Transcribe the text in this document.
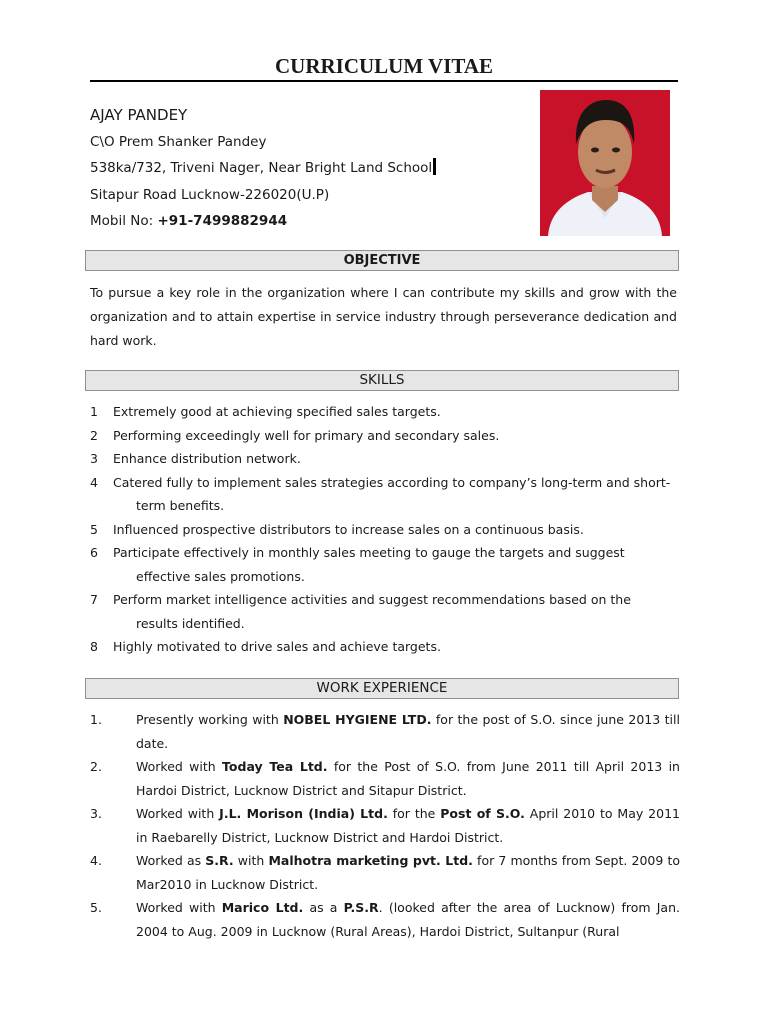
CURRICULUM VITAE
AJAY PANDEY
C\O Prem Shanker Pandey
538ka/732, Triveni Nager, Near Bright Land School
Sitapur Road Lucknow-226020(U.P)
Mobil No: +91-7499882944
OBJECTIVE
To pursue a key role in the organization where I can contribute my skills and grow with the organization and to attain expertise in service industry through perseverance dedication and hard work.
SKILLS
1 Extremely good at achieving specified sales targets.
2 Performing exceedingly well for primary and secondary sales.
3 Enhance distribution network.
4 Catered fully to implement sales strategies according to company’s long-term and short-
term benefits.
5 Influenced prospective distributors to increase sales on a continuous basis.
6 Participate effectively in monthly sales meeting to gauge the targets and suggest
effective sales promotions.
7 Perform market intelligence activities and suggest recommendations based on the
results identified.
8 Highly motivated to drive sales and achieve targets.
WORK EXPERIENCE
1.	Presently working with NOBEL HYGIENE LTD. for the post of S.O. since june 2013 till date.
2.	Worked with Today Tea Ltd. for the Post of S.O. from June 2011 till April 2013 in Hardoi District, Lucknow District and Sitapur District.
3.	Worked with J.L. Morison (India) Ltd. for the Post of S.O. April 2010 to May 2011 in Raebarelly District, Lucknow District and Hardoi District.
4.	Worked as S.R. with Malhotra marketing pvt. Ltd. for 7 months from Sept. 2009 to Mar2010 in Lucknow District.
5.	Worked with Marico Ltd. as a P.S.R. (looked after the area of Lucknow) from Jan. 2004 to Aug. 2009 in Lucknow (Rural Areas), Hardoi District, Sultanpur (Rural
